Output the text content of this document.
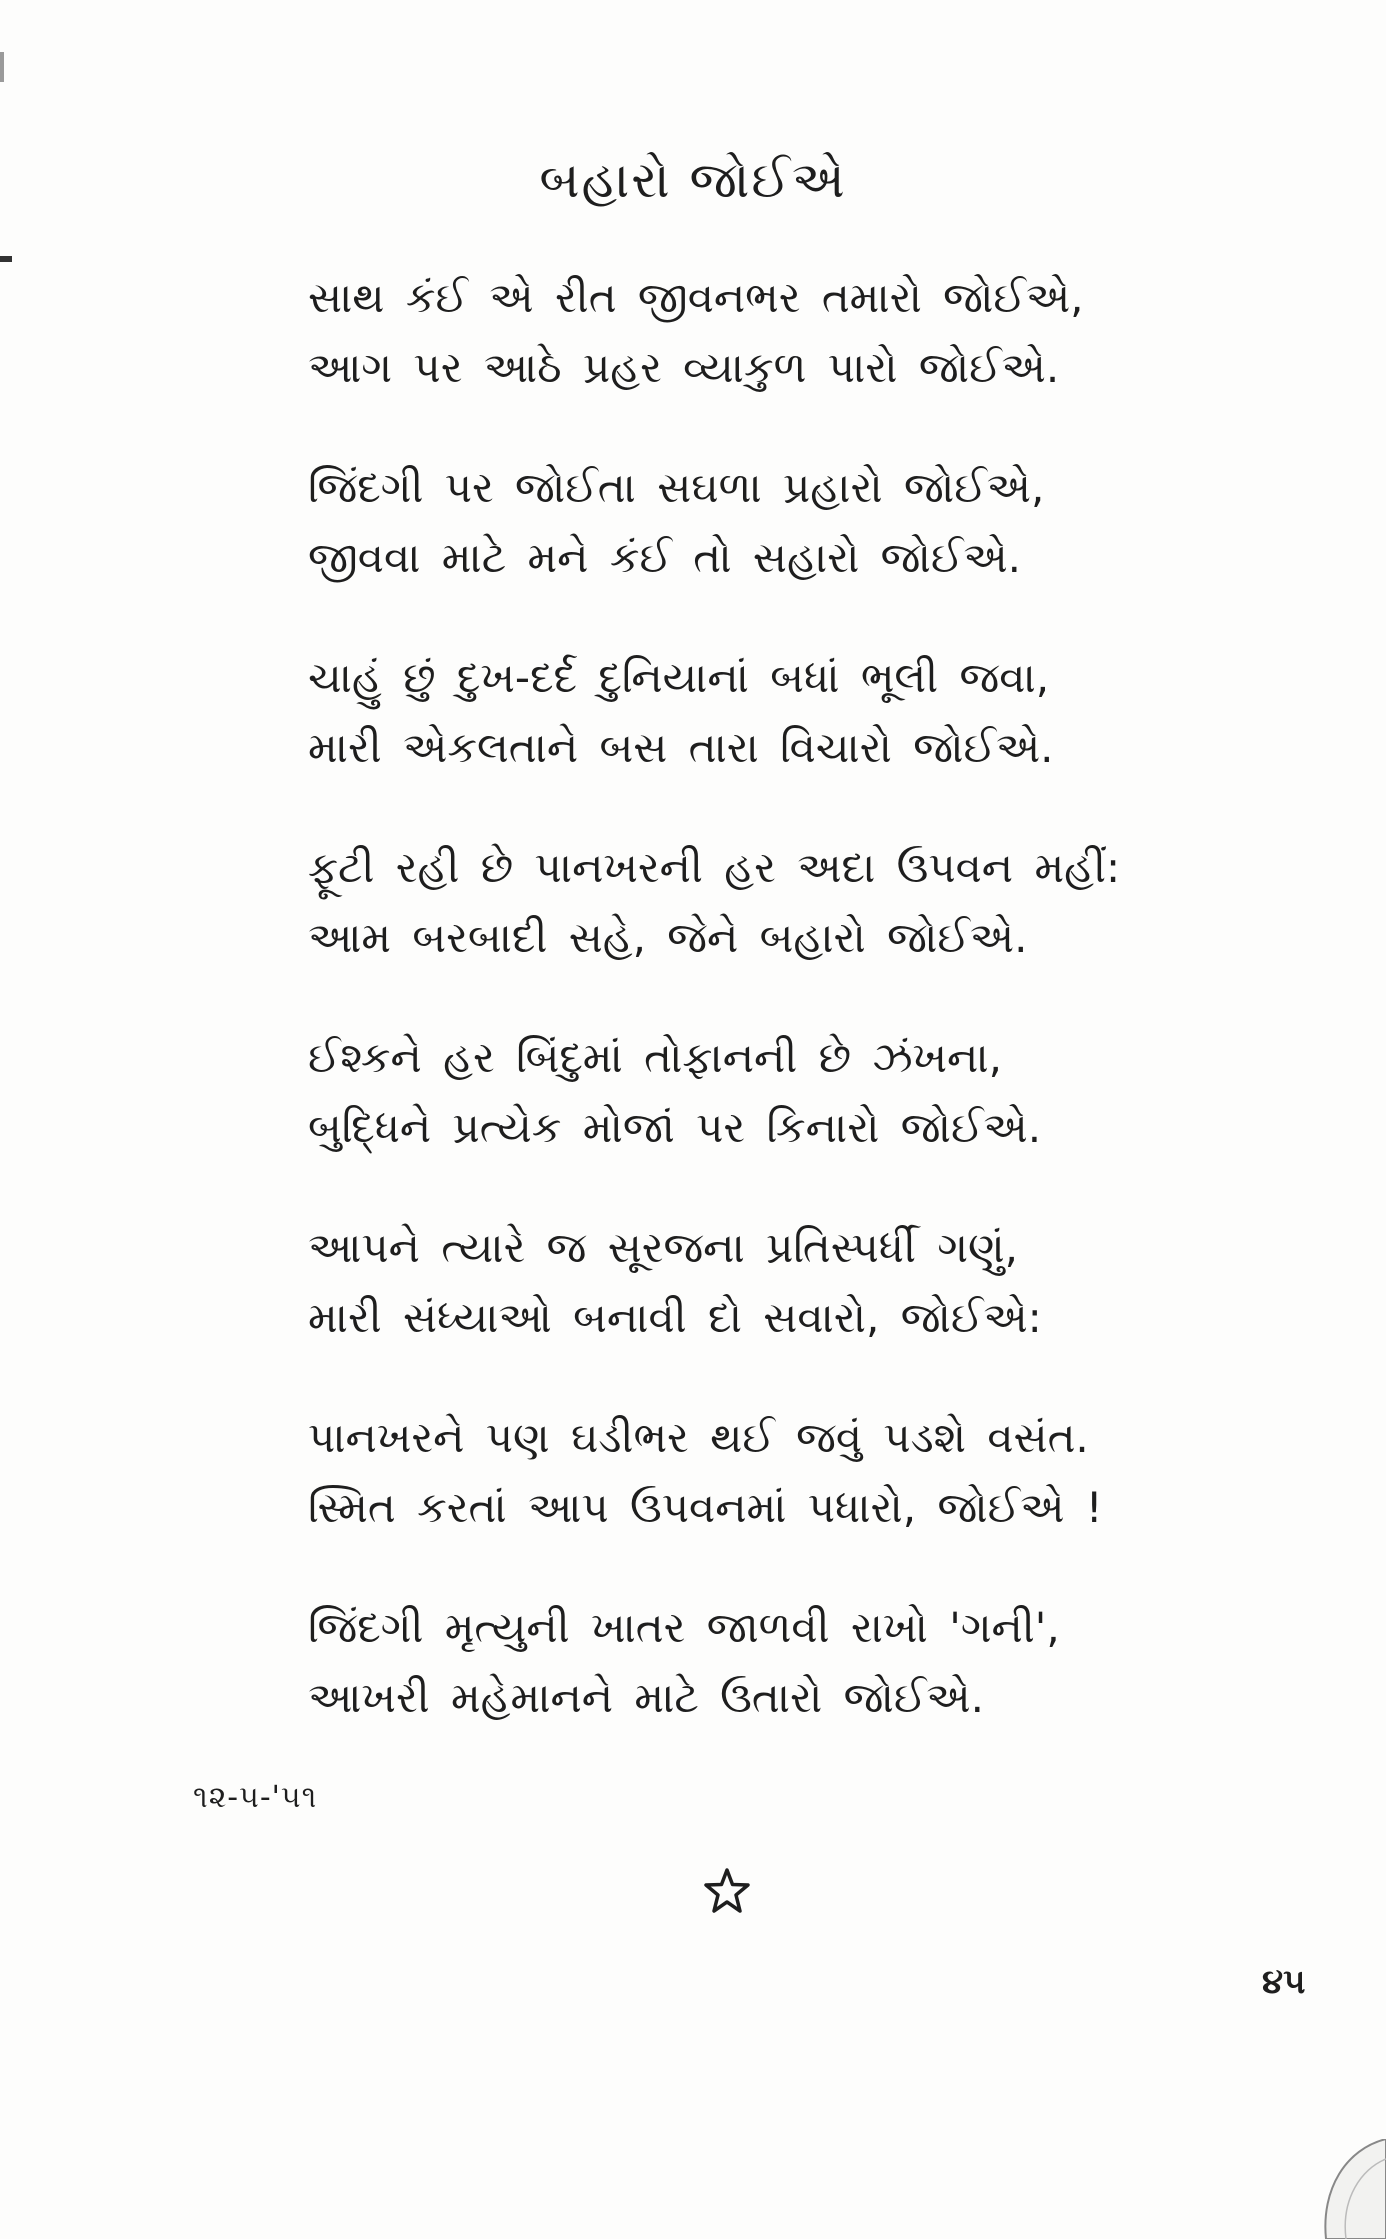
બહારો જોઈએ
સાથ કંઈ એ રીત જીવનભર તમારો જોઈએ,
આગ પર આઠે પ્રહર વ્યાકુળ પારો જોઈએ.
જિંદગી પર જોઈતા સઘળા પ્રહારો જોઈએ,
જીવવા માટે મને કંઈ તો સહારો જોઈએ.
ચાહું છું દુખ-દર્દ દુનિયાનાં બધાં ભૂલી જવા,
મારી એકલતાને બસ તારા વિચારો જોઈએ.
ફૂટી રહી છે પાનખરની હર અદા ઉપવન મહીં:
આમ બરબાદી સહે, જેને બહારો જોઈએ.
ઈશ્કને હર બિંદુમાં તોફાનની છે ઝંખના,
બુદ્ધિને પ્રત્યેક મોજાં પર કિનારો જોઈએ.
આપને ત્યારે જ સૂરજના પ્રતિસ્પર્ધી ગણું,
મારી સંધ્યાઓ બનાવી દો સવારો, જોઈએ:
પાનખરને પણ ઘડીભર થઈ જવું પડશે વસંત.
સ્મિત કરતાં આપ ઉપવનમાં પધારો, જોઈએ !
જિંદગી મૃત્યુની ખાતર જાળવી રાખો 'ગની',
આખરી મહેમાનને માટે ઉતારો જોઈએ.
૧૨-૫-'૫૧
૪૫
